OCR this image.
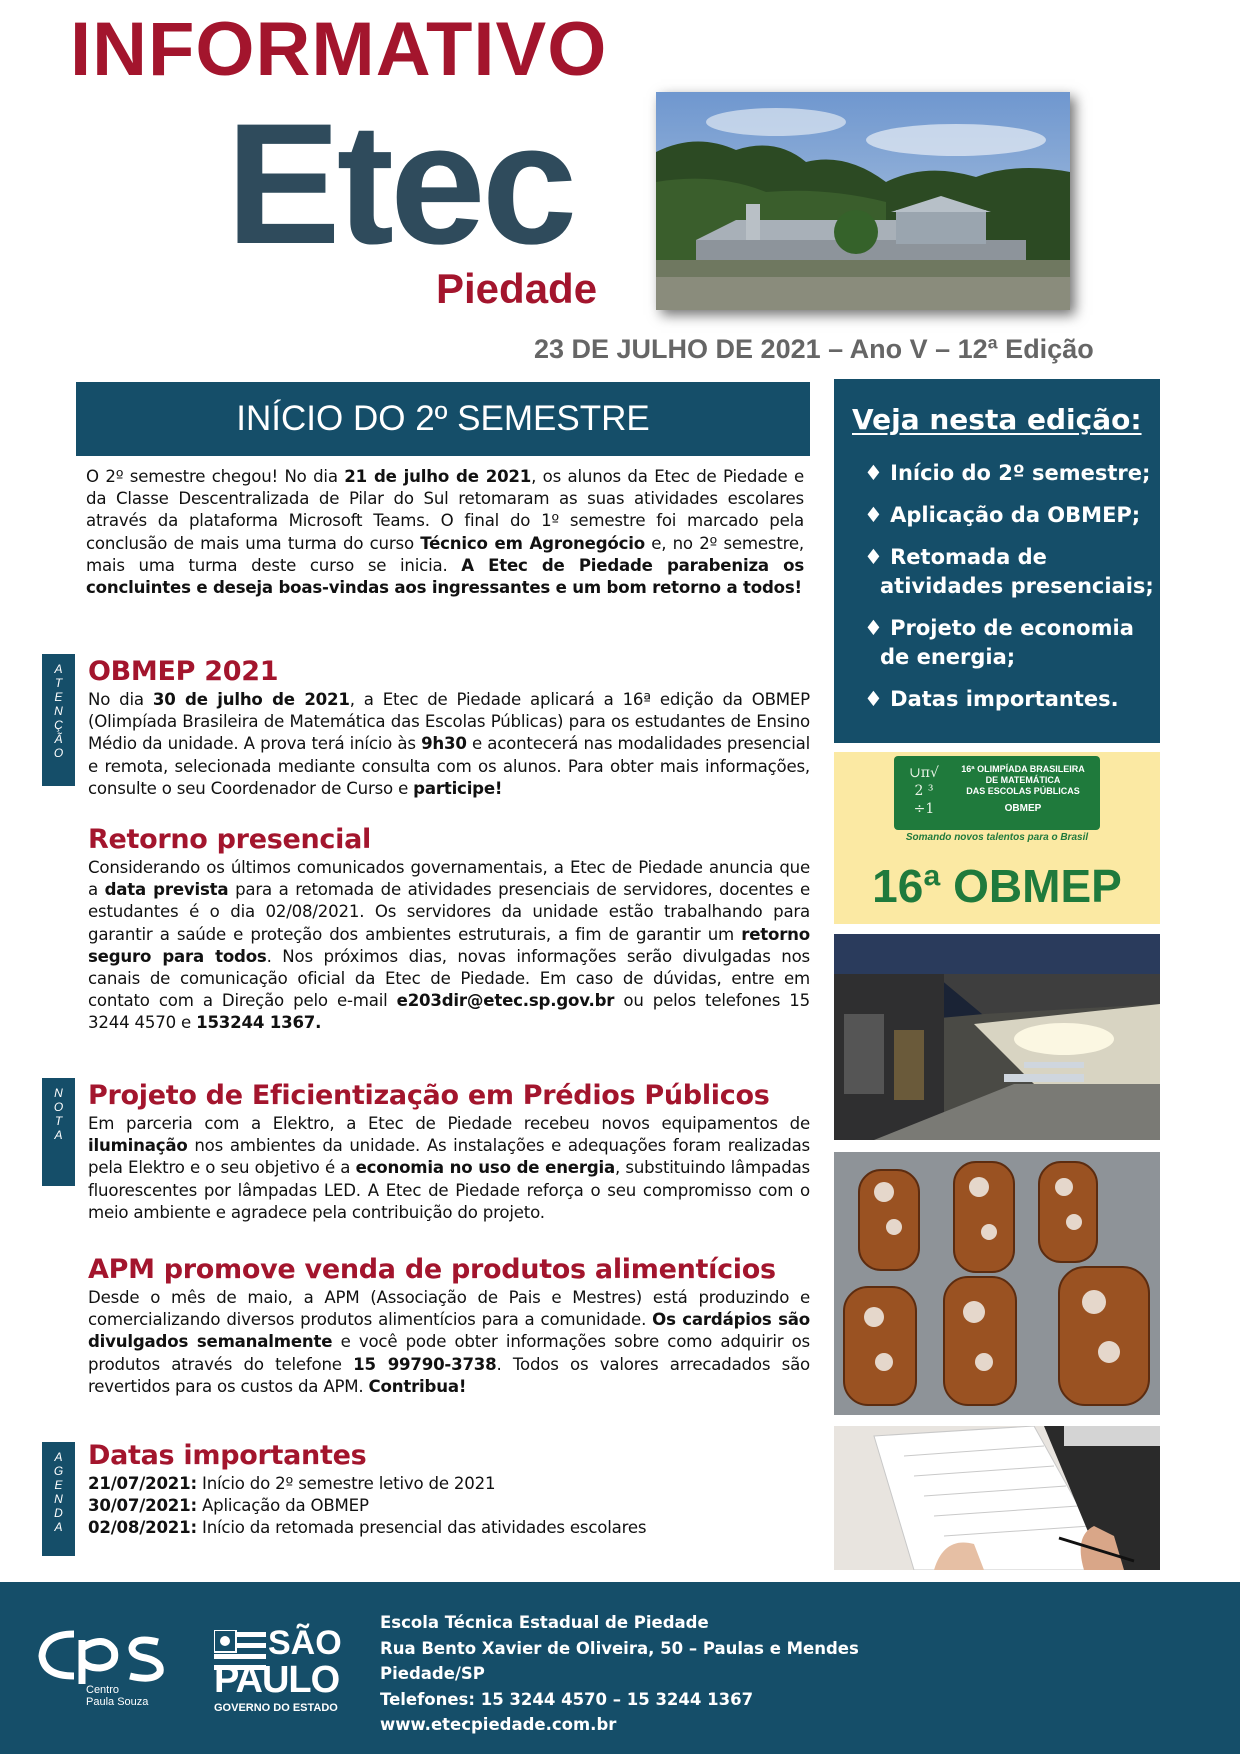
INFORMATIVO
Etec
Piedade
23 DE JULHO DE 2021 – Ano V – 12ª Edição
INÍCIO DO 2º SEMESTRE
O 2º semestre chegou! No dia 21 de julho de 2021, os alunos da Etec de Piedade e da Classe Descentralizada de Pilar do Sul retomaram as suas atividades escolares através da plataforma Microsoft Teams. O final do 1º semestre foi marcado pela conclusão de mais uma turma do curso Técnico em Agronegócio e, no 2º semestre, mais uma turma deste curso se inicia. A Etec de Piedade parabeniza os concluintes e deseja boas-vindas aos ingressantes e um bom retorno a todos!
A
T
E
N
Ç
Ã
O
OBMEP 2021
No dia 30 de julho de 2021, a Etec de Piedade aplicará a 16ª edição da OBMEP (Olimpíada Brasileira de Matemática das Escolas Públicas) para os estudantes de Ensino Médio da unidade. A prova terá início às 9h30 e acontecerá nas modalidades presencial e remota, selecionada mediante consulta com os alunos. Para obter mais informações, consulte o seu Coordenador de Curso e participe!
Retorno presencial
Considerando os últimos comunicados governamentais, a Etec de Piedade anuncia que a data prevista para a retomada de atividades presenciais de servidores, docentes e estudantes é o dia 02/08/2021. Os servidores da unidade estão trabalhando para garantir a saúde e proteção dos ambientes estruturais, a fim de garantir um retorno seguro para todos. Nos próximos dias, novas informações serão divulgadas nos canais de comunicação oficial da Etec de Piedade. Em caso de dúvidas, entre em contato com a Direção pelo e-mail e203dir@etec.sp.gov.br ou pelos telefones 15 3244 4570 e 153244 1367.
N
O
T
A
Projeto de Eficientização em Prédios Públicos
Em parceria com a Elektro, a Etec de Piedade recebeu novos equipamentos de iluminação nos ambientes da unidade. As instalações e adequações foram realizadas pela Elektro e o seu objetivo é a economia no uso de energia, substituindo lâmpadas fluorescentes por lâmpadas LED. A Etec de Piedade reforça o seu compromisso com o meio ambiente e agradece pela contribuição do projeto.
APM promove venda de produtos alimentícios
Desde o mês de maio, a APM (Associação de Pais e Mestres) está produzindo e comercializando diversos produtos alimentícios para a comunidade. Os cardápios são divulgados semanalmente e você pode obter informações sobre como adquirir os produtos através do telefone 15 99790-3738. Todos os valores arrecadados são revertidos para os custos da APM. Contribua!
A
G
E
N
D
A
Datas importantes
21/07/2021: Início do 2º semestre letivo de 2021
30/07/2021: Aplicação da OBMEP
02/08/2021: Início da retomada presencial das atividades escolares
Veja nesta edição:
♦ Início do 2º semestre;
♦ Aplicação da OBMEP;
♦ Retomada de atividades presenciais;
♦ Projeto de economia de energia;
♦ Datas importantes.
∪π√
2 ³
÷1
16ª OLIMPÍADA BRASILEIRA
DE MATEMÁTICA
DAS ESCOLAS PÚBLICAS
OBMEP
Somando novos talentos para o Brasil
16ª OBMEP
Centro
Paula Souza
SÃO
PAULO
GOVERNO DO ESTADO
Escola Técnica Estadual de Piedade
Rua Bento Xavier de Oliveira, 50 – Paulas e Mendes
Piedade/SP
Telefones: 15 3244 4570 – 15 3244 1367
www.etecpiedade.com.br
